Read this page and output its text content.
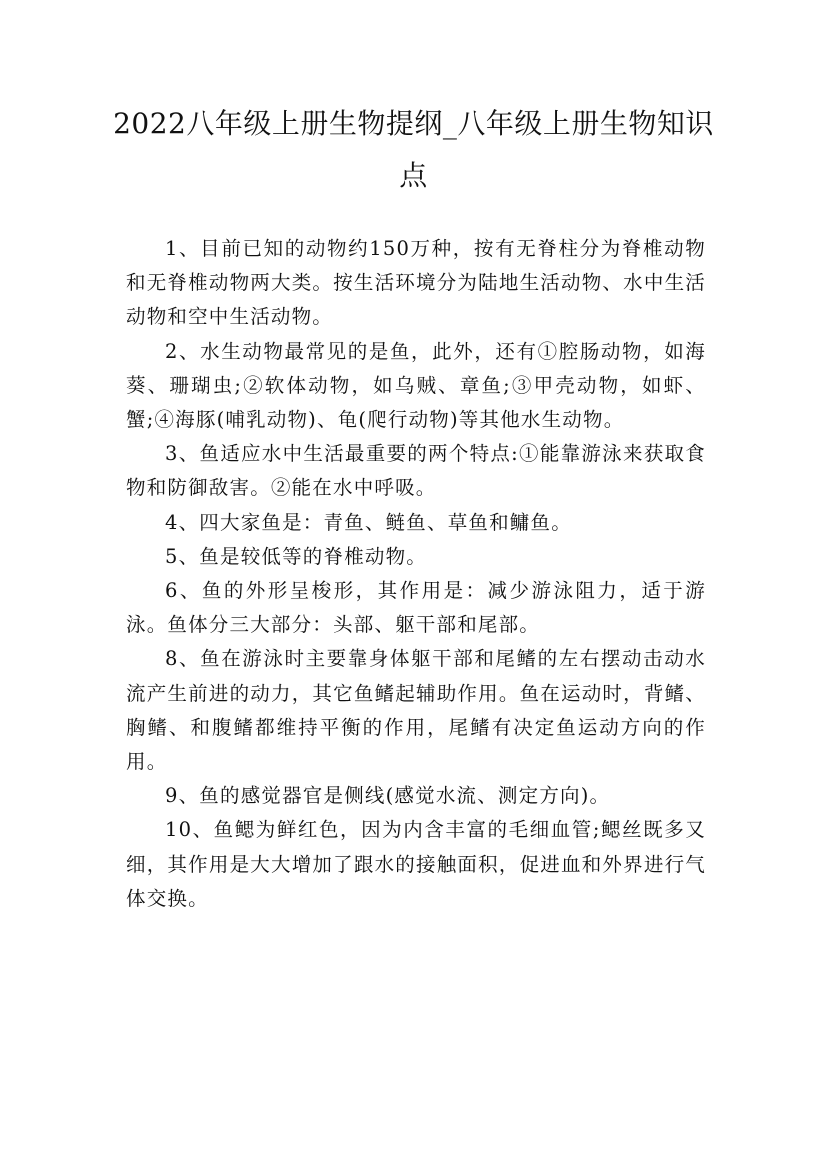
2022八年级上册生物提纲_八年级上册生物知识点

1、目前已知的动物约150万种，按有无脊柱分为脊椎动物和无脊椎动物两大类。按生活环境分为陆地生活动物、水中生活动物和空中生活动物。

2、水生动物最常见的是鱼，此外，还有①腔肠动物，如海葵、珊瑚虫;②软体动物，如乌贼、章鱼;③甲壳动物，如虾、蟹;④海豚(哺乳动物)、龟(爬行动物)等其他水生动物。

3、鱼适应水中生活最重要的两个特点:①能靠游泳来获取食物和防御敌害。②能在水中呼吸。

4、四大家鱼是：青鱼、鲢鱼、草鱼和鳙鱼。

5、鱼是较低等的脊椎动物。

6、鱼的外形呈梭形，其作用是：减少游泳阻力，适于游泳。鱼体分三大部分：头部、躯干部和尾部。

8、鱼在游泳时主要靠身体躯干部和尾鳍的左右摆动击动水流产生前进的动力，其它鱼鳍起辅助作用。鱼在运动时，背鳍、胸鳍、和腹鳍都维持平衡的作用，尾鳍有决定鱼运动方向的作用。

9、鱼的感觉器官是侧线(感觉水流、测定方向)。

10、鱼鳃为鲜红色，因为内含丰富的毛细血管;鳃丝既多又细，其作用是大大增加了跟水的接触面积，促进血和外界进行气体交换。
